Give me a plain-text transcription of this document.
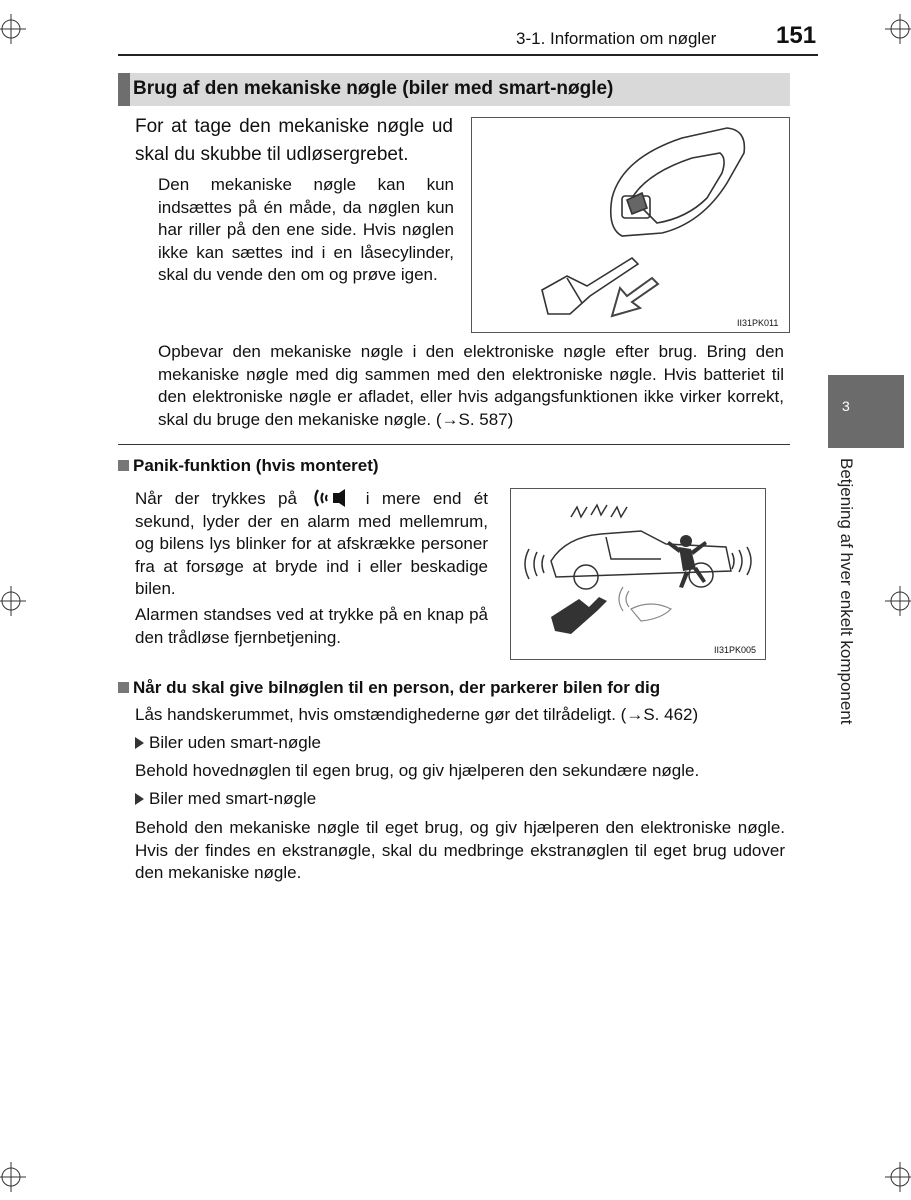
3-1. Information om nøgler 151
Brug af den mekaniske nøgle (biler med smart-nøgle)
For at tage den mekaniske nøgle ud skal du skubbe til udløsergrebet.
Den mekaniske nøgle kan kun indsættes på én måde, da nøglen kun har riller på den ene side. Hvis nøglen ikke kan sættes ind i en låsecylinder, skal du vende den om og prøve igen.
II31PK011
Opbevar den mekaniske nøgle i den elektroniske nøgle efter brug. Bring den mekaniske nøgle med dig sammen med den elektroniske nøgle. Hvis batteriet til den elektroniske nøgle er afladet, eller hvis adgangsfunktionen ikke virker korrekt, skal du bruge den mekaniske nøgle. (→S. 587)
Panik-funktion (hvis monteret)
Når der trykkes på	i mere end ét sekund, lyder der en alarm med mellemrum, og bilens lys blinker for at afskrække personer fra at forsøge at bryde ind i eller beskadige bilen.
Alarmen standses ved at trykke på en knap på den trådløse fjernbetjening.
II31PK005
Når du skal give bilnøglen til en person, der parkerer bilen for dig
Lås handskerummet, hvis omstændighederne gør det tilrådeligt. (→S. 462)
Biler uden smart-nøgle
Behold hovednøglen til egen brug, og giv hjælperen den sekundære nøgle.
Biler med smart-nøgle
Behold den mekaniske nøgle til eget brug, og giv hjælperen den elektroniske nøgle. Hvis der findes en ekstranøgle, skal du medbringe ekstranøglen til eget brug udover den mekaniske nøgle.
3
Betjening af hver enkelt komponent
